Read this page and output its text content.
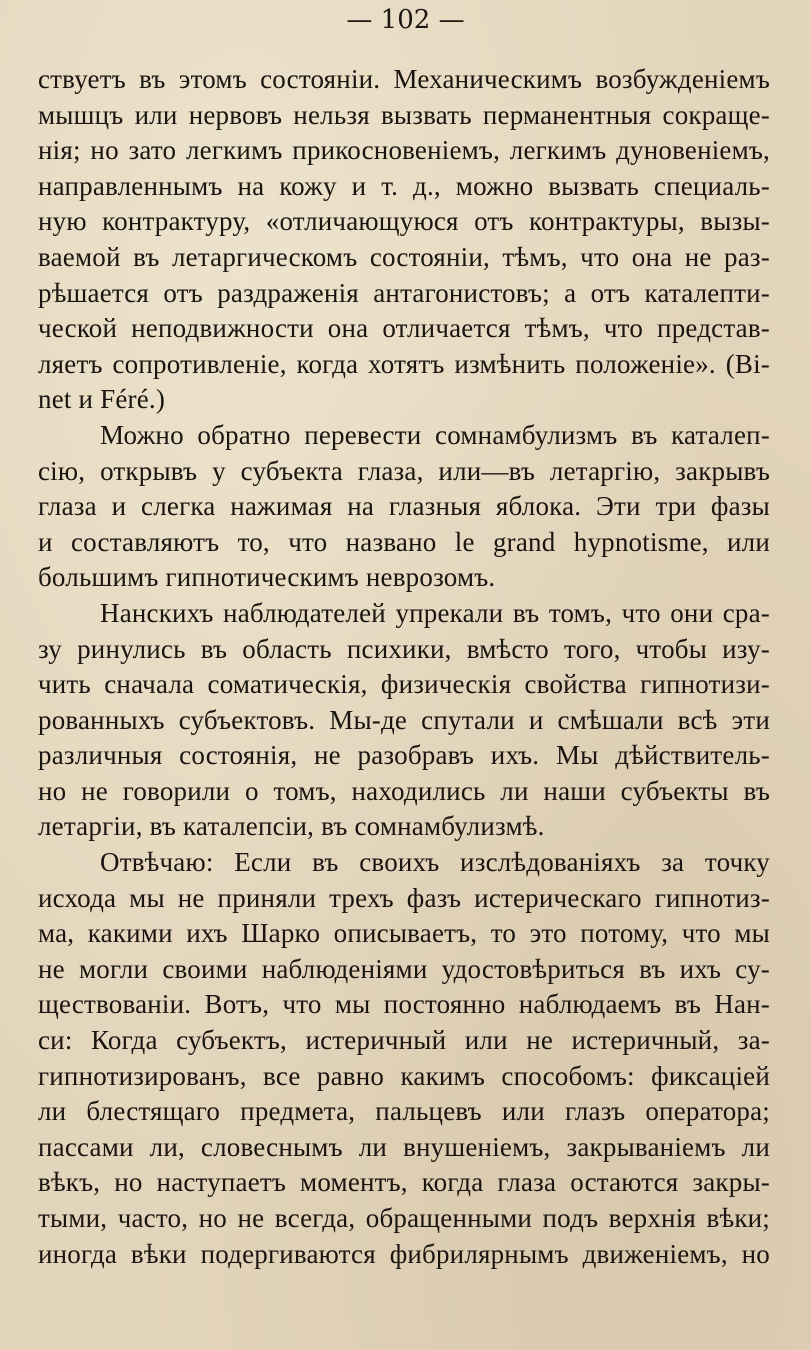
— 102 —
ствуетъ въ этомъ состоянiи. Механическимъ возбужденiемъ
мышцъ или нервовъ нельзя вызвать перманентныя сокраще-
нiя; но зато легкимъ прикосновенiемъ, легкимъ дуновенiемъ,
направленнымъ на кожу и т. д., можно вызвать специаль-
ную контрактуру, «отличающуюся отъ контрактуры, вызы-
ваемой въ летаргическомъ состоянiи, тѣмъ, что она не раз-
рѣшается отъ раздраженiя антагонистовъ; а отъ каталепти-
ческой неподвижности она отличается тѣмъ, что представ-
ляетъ сопротивленiе, когда хотятъ измѣнить положенiе». (Bi-
net и Féré.)
Можно обратно перевести сомнамбулизмъ въ каталеп-
сiю, открывъ у субъекта глаза, или—въ летаргiю, закрывъ
глаза и слегка нажимая на глазныя яблока. Эти три фазы
и составляютъ то, что названо le grand hypnotisme, или
большимъ гипнотическимъ неврозомъ.
Нанскихъ наблюдателей упрекали въ томъ, что они сра-
зу ринулись въ область психики, вмѣсто того, чтобы изу-
чить сначала соматическiя, физическiя свойства гипнотизи-
рованныхъ субъектовъ. Мы-де спутали и смѣшали всѣ эти
различныя состоянiя, не разобравъ ихъ. Мы дѣйствитель-
но не говорили о томъ, находились ли наши субъекты въ
летаргiи, въ каталепсiи, въ сомнамбулизмѣ.
Отвѣчаю: Если въ своихъ изслѣдованiяхъ за точку
исхода мы не приняли трехъ фазъ истерическаго гипнотиз-
ма, какими ихъ Шарко описываетъ, то это потому, что мы
не могли своими наблюденiями удостовѣриться въ ихъ су-
ществованiи. Вотъ, что мы постоянно наблюдаемъ въ Нан-
си: Когда субъектъ, истеричный или не истеричный, за-
гипнотизированъ, все равно какимъ способомъ: фиксацiей
ли блестящаго предмета, пальцевъ или глазъ оператора;
пассами ли, словеснымъ ли внушенiемъ, закрыванiемъ ли
вѣкъ, но наступаетъ моментъ, когда глаза остаются закры-
тыми, часто, но не всегда, обращенными подъ верхнiя вѣки;
иногда вѣки подергиваются фибрилярнымъ движенiемъ, но
